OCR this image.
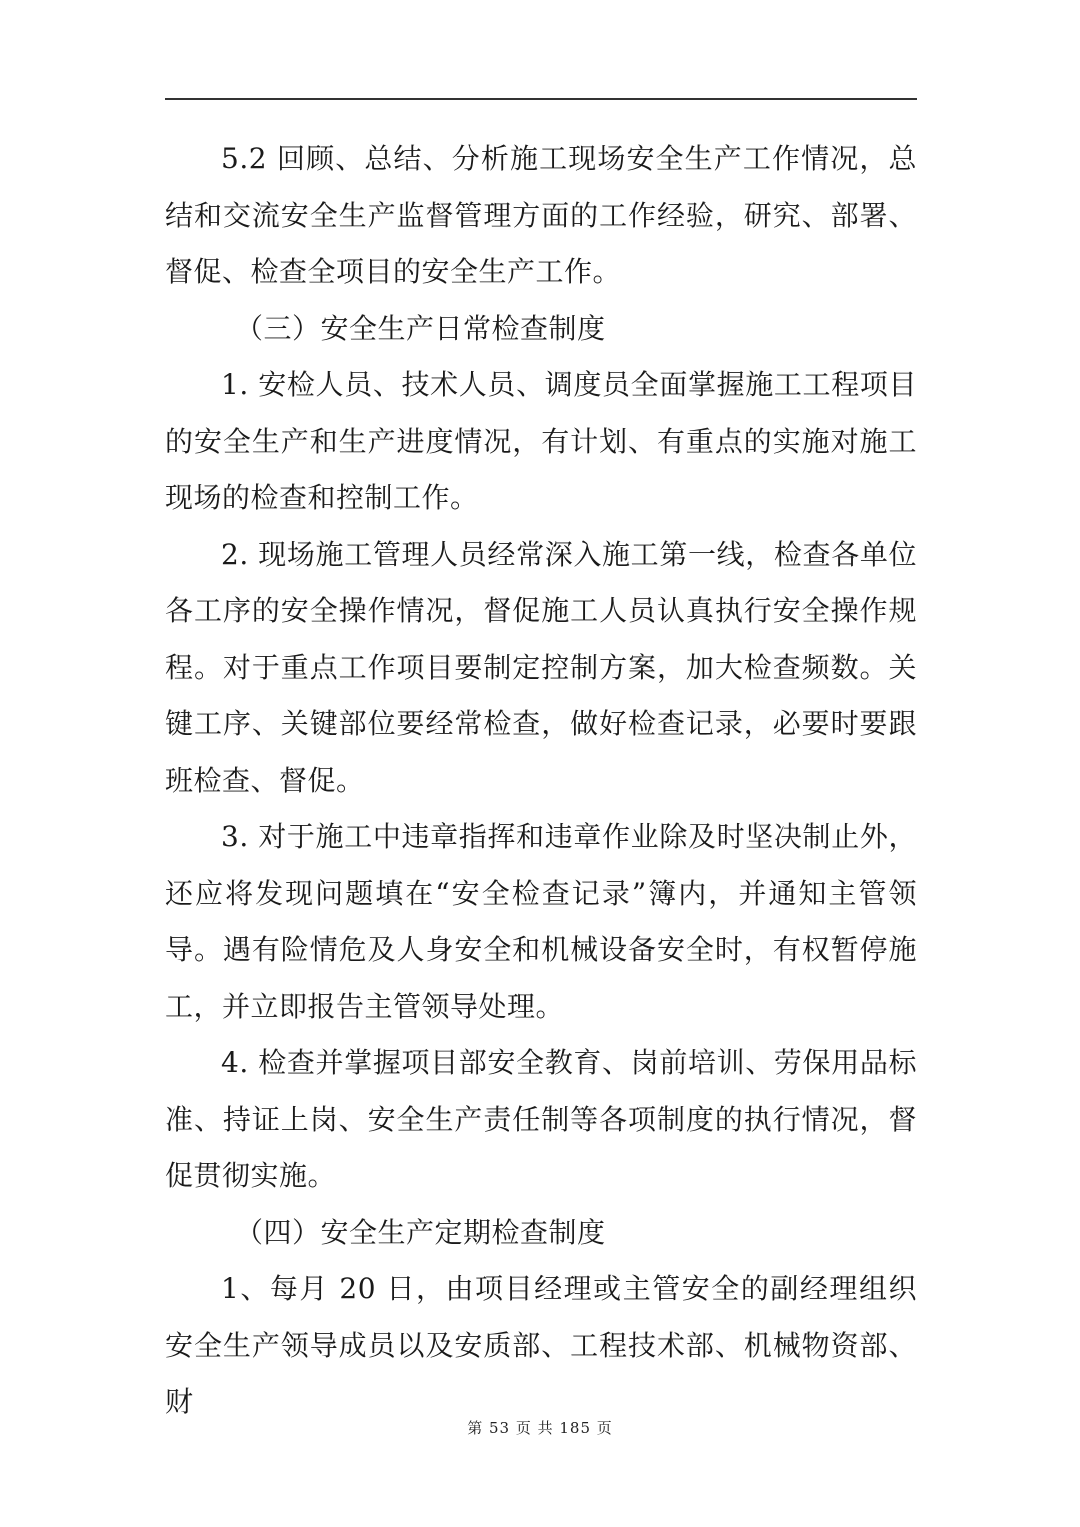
5.2 回顾、总结、分析施工现场安全生产工作情况，总结和交流安全生产监督管理方面的工作经验，研究、部署、督促、检查全项目的安全生产工作。

（三）安全生产日常检查制度

1. 安检人员、技术人员、调度员全面掌握施工工程项目的安全生产和生产进度情况，有计划、有重点的实施对施工现场的检查和控制工作。

2. 现场施工管理人员经常深入施工第一线，检查各单位各工序的安全操作情况，督促施工人员认真执行安全操作规程。对于重点工作项目要制定控制方案，加大检查频数。关键工序、关键部位要经常检查，做好检查记录，必要时要跟班检查、督促。

3. 对于施工中违章指挥和违章作业除及时坚决制止外，还应将发现问题填在“安全检查记录”簿内，并通知主管领导。遇有险情危及人身安全和机械设备安全时，有权暂停施工，并立即报告主管领导处理。

4. 检查并掌握项目部安全教育、岗前培训、劳保用品标准、持证上岗、安全生产责任制等各项制度的执行情况，督促贯彻实施。

（四）安全生产定期检查制度

1、每月 20 日，由项目经理或主管安全的副经理组织安全生产领导成员以及安质部、工程技术部、机械物资部、财

第 53 页 共 185 页
